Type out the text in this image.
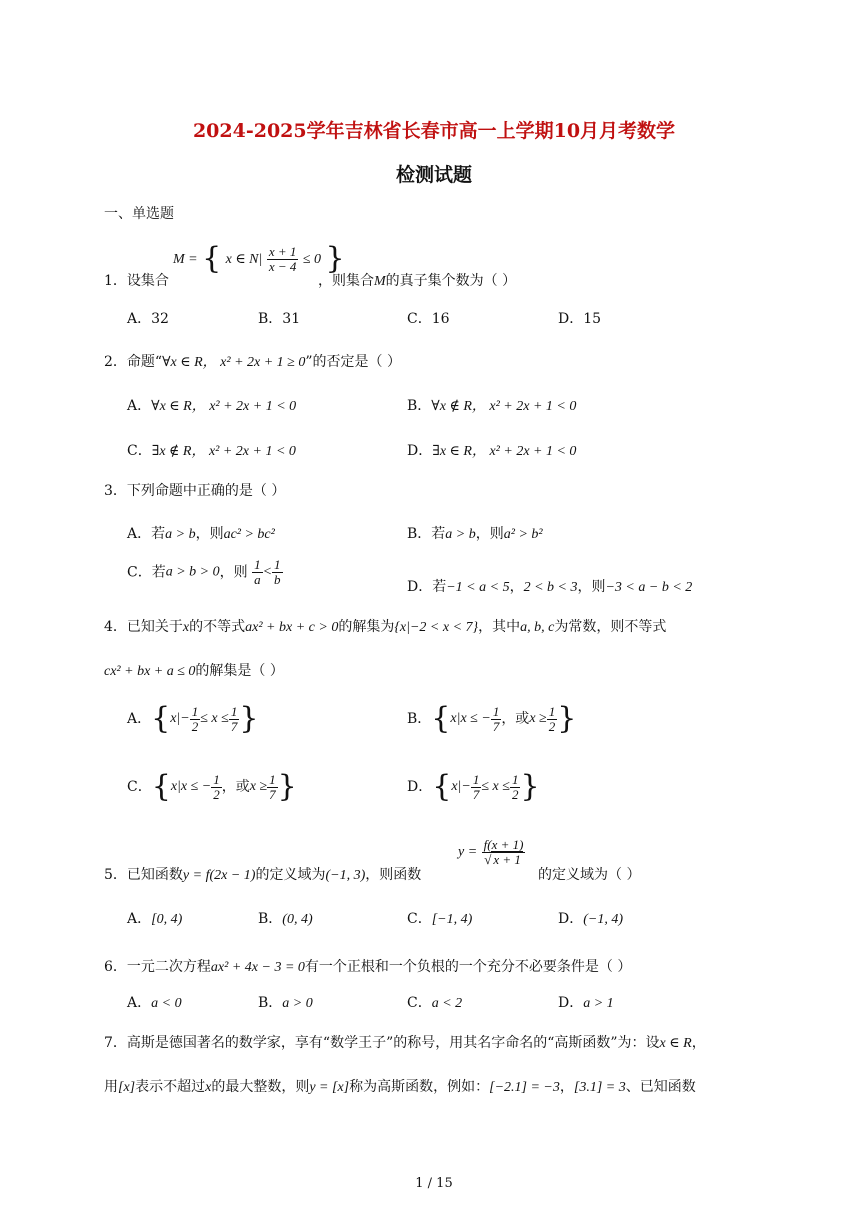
2024-2025学年吉林省长春市高一上学期10月月考数学
检测试题
一、单选题
1．设集合
M = { x ∈ $N| \frac{x + 1}{x - 4} \le 0$ }
，则集合M的真子集个数为（ ）
A．32	B．31	C．16	D．15
2．命题“∀x ∈ R， x² + 2x + 1 ≥ 0”的否定是（ ）
A．∀x ∈ R， x² + 2x + 1 < 0	B．∀x ∉ R， x² + 2x + 1 < 0
C．∃x ∉ R， x² + 2x + 1 < 0	D．∃x ∈ R， x² + 2x + 1 < 0
3．下列命题中正确的是（ ）
A．若a > b，则ac² > bc²	B．若a > b，则a² > b²
C．若a > b > 0，则 $\frac{1}{a} < \frac{1}{b}$	D．若−1 < a < 5，2 < b < 3，则−3 < a − b < 2
4．已知关于x的不等式ax² + bx + c > 0的解集为{x|−2 < x < 7}，其中a, b, c为常数，则不等式
cx² + bx + a ≤ 0的解集是（ ）
A．{$x|- \frac{1}{2} \le x \le \frac{1}{7}$ }	B．{x|x ≤ − $\frac{1}{7}$ ，或$x \ge \frac{1}{2}$ }
C．{x|x ≤ − $\frac{1}{2}$ ，或$x \ge \frac{1}{7}$ }	D．{$x|- \frac{1}{7} \le x \le \frac{1}{2}$ }
5．已知函数y = f(2x − 1)的定义域为(−1, 3)，则函数
$y = \frac{f(x + 1)}{√ x + 1}$
的定义域为（ ）
A．[0, 4)	B．(0, 4)	C．[−1, 4)	D．(−1, 4)
6．一元二次方程ax² + 4x − 3 = 0有一个正根和一个负根的一个充分不必要条件是（ ）
A．a < 0	B．a > 0	C．a < 2	D．a > 1
7．高斯是德国著名的数学家，享有“数学王子”的称号，用其名字命名的“高斯函数”为：设x ∈ R，
用[x]表示不超过x的最大整数，则y = [x]称为高斯函数，例如：[−2.1] = −3，[3.1] = 3、已知函数
1 / 15
